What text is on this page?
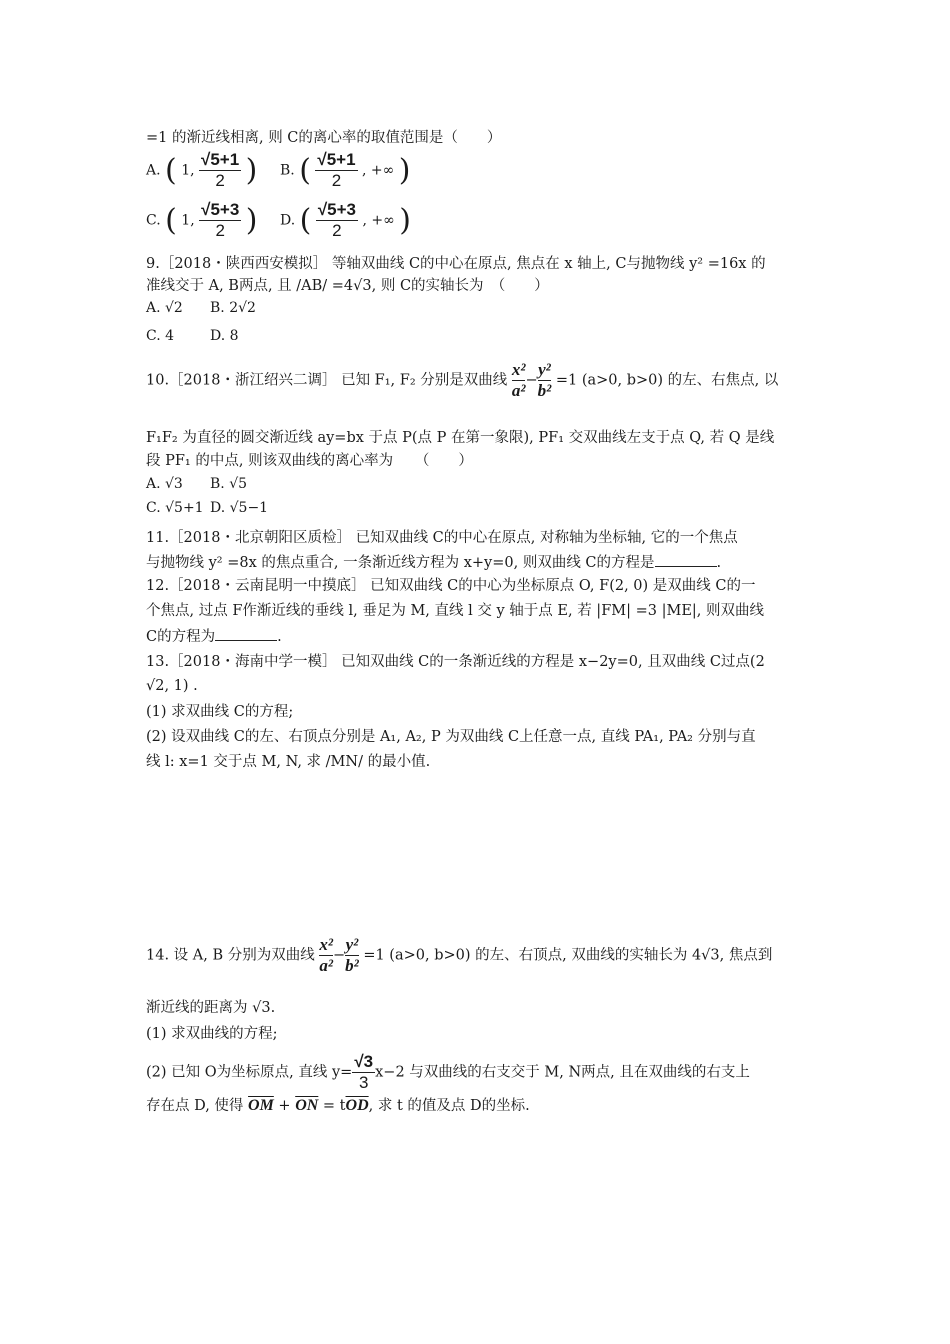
=1 的渐近线相离, 则 C的离心率的取值范围是（　　）
A. ( 1, $\frac{√5+1}{2}$ ) B. ( $\frac{√5+1}{2}$ , +∞ )
C. ( 1, $\frac{√5+3}{2}$ ) D. ( $\frac{√5+3}{2}$ , +∞ )
9.［2018・陕西西安模拟］ 等轴双曲线 C的中心在原点, 焦点在 x 轴上, C与抛物线 y² =16x 的
准线交于 A, B两点, 且 /AB/ =4√3, 则 C的实轴长为　（　　）
A. √2 B. 2√2
C. 4	D. 8
10.［2018・浙江绍兴二调］ 已知 F₁, F₂ 分别是双曲线 $\frac{\text{x²}}{\text{a²}} - \frac{\text{y²}}{\text{b²}} =1$ (a>0, b>0) 的左、右焦点, 以
F₁F₂ 为直径的圆交渐近线 ay=bx 于点 P(点 P 在第一象限), PF₁ 交双曲线左支于点 Q, 若 Q 是线
段 PF₁ 的中点, 则该双曲线的离心率为　　（　　）
A. √3 B. √5
C. √5+1 D. √5−1
11.［2018・北京朝阳区质检］ 已知双曲线 C的中心在原点, 对称轴为坐标轴, 它的一个焦点
与抛物线 y² =8x 的焦点重合, 一条渐近线方程为 x+y=0, 则双曲线 C的方程是	.
12.［2018・云南昆明一中摸底］ 已知双曲线 C的中心为坐标原点 O, F(2, 0) 是双曲线 C的一
个焦点, 过点 F作渐近线的垂线 l, 垂足为 M, 直线 l 交 y 轴于点 E, 若 |FM| =3 |ME|, 则双曲线
C的方程为	.
13.［2018・海南中学一模］ 已知双曲线 C的一条渐近线的方程是 x−2y=0, 且双曲线 C过点(2
√2, 1) .
(1) 求双曲线 C的方程;
(2) 设双曲线 C的左、右顶点分别是 A₁, A₂, P 为双曲线 C上任意一点, 直线 PA₁, PA₂ 分别与直
线 l: x=1 交于点 M, N, 求 /MN/ 的最小值.
14. 设 A, B 分别为双曲线 $\frac{\text{x²}}{\text{a²}} - \frac{\text{y²}}{\text{b²}} =1$ (a>0, b>0) 的左、右顶点, 双曲线的实轴长为 4√3, 焦点到
渐近线的距离为 √3.
(1) 求双曲线的方程;
(2) 已知 O为坐标原点, 直线 $y= \frac{√3}{3} x-2$ 与双曲线的右支交于 M, N两点, 且在双曲线的右支上
存在点 D, 使得 $\overline{OM} + \overline{ON} = t\overline{OD}$, 求 t 的值及点 D的坐标.
